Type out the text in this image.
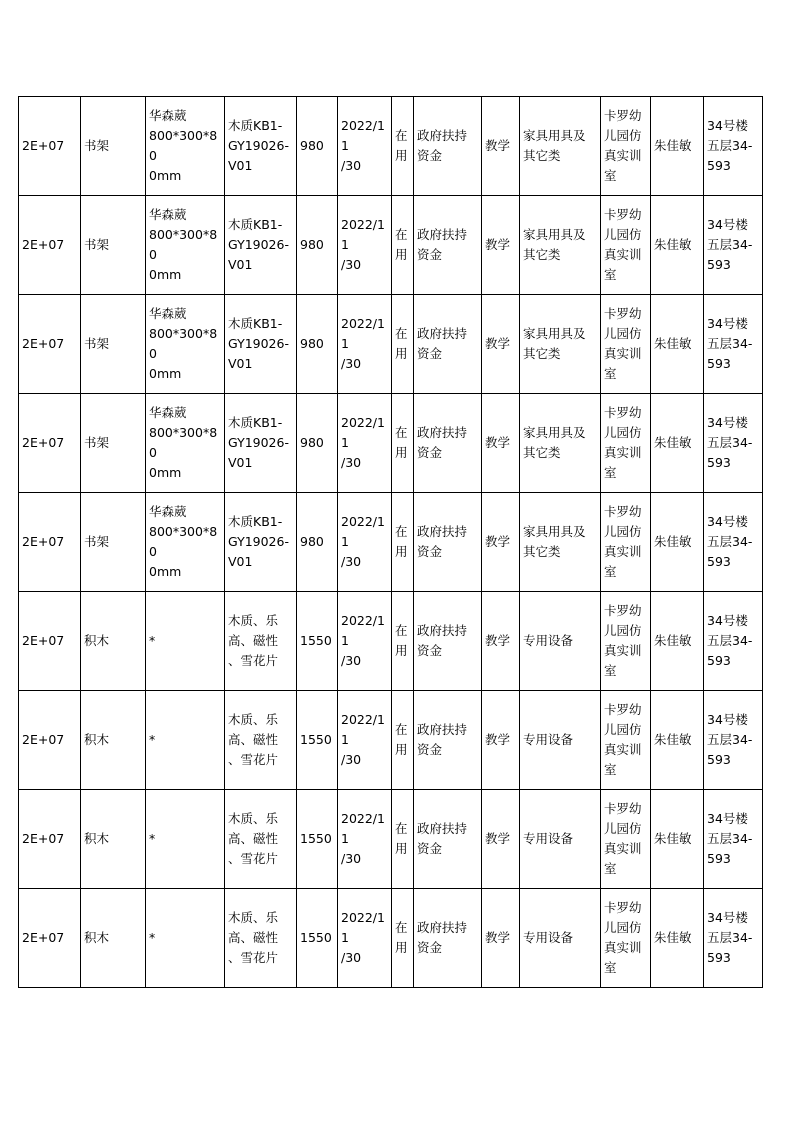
2E+07	书架	华森葳
800*300*80
0mm	木质KB1-
GY19026-
V01	980	2022/11
/30	在
用	政府扶持
资金	教学	家具用具及
其它类	卡罗幼
儿园仿
真实训
室	朱佳敏	34号楼
五层34-
593
2E+07	书架	华森葳
800*300*80
0mm	木质KB1-
GY19026-
V01	980	2022/11
/30	在
用	政府扶持
资金	教学	家具用具及
其它类	卡罗幼
儿园仿
真实训
室	朱佳敏	34号楼
五层34-
593
2E+07	书架	华森葳
800*300*80
0mm	木质KB1-
GY19026-
V01	980	2022/11
/30	在
用	政府扶持
资金	教学	家具用具及
其它类	卡罗幼
儿园仿
真实训
室	朱佳敏	34号楼
五层34-
593
2E+07	书架	华森葳
800*300*80
0mm	木质KB1-
GY19026-
V01	980	2022/11
/30	在
用	政府扶持
资金	教学	家具用具及
其它类	卡罗幼
儿园仿
真实训
室	朱佳敏	34号楼
五层34-
593
2E+07	书架	华森葳
800*300*80
0mm	木质KB1-
GY19026-
V01	980	2022/11
/30	在
用	政府扶持
资金	教学	家具用具及
其它类	卡罗幼
儿园仿
真实训
室	朱佳敏	34号楼
五层34-
593
2E+07	积木	*	木质、乐
高、磁性
、雪花片	1550	2022/11
/30	在
用	政府扶持
资金	教学	专用设备	卡罗幼
儿园仿
真实训
室	朱佳敏	34号楼
五层34-
593
2E+07	积木	*	木质、乐
高、磁性
、雪花片	1550	2022/11
/30	在
用	政府扶持
资金	教学	专用设备	卡罗幼
儿园仿
真实训
室	朱佳敏	34号楼
五层34-
593
2E+07	积木	*	木质、乐
高、磁性
、雪花片	1550	2022/11
/30	在
用	政府扶持
资金	教学	专用设备	卡罗幼
儿园仿
真实训
室	朱佳敏	34号楼
五层34-
593
2E+07	积木	*	木质、乐
高、磁性
、雪花片	1550	2022/11
/30	在
用	政府扶持
资金	教学	专用设备	卡罗幼
儿园仿
真实训
室	朱佳敏	34号楼
五层34-
593
